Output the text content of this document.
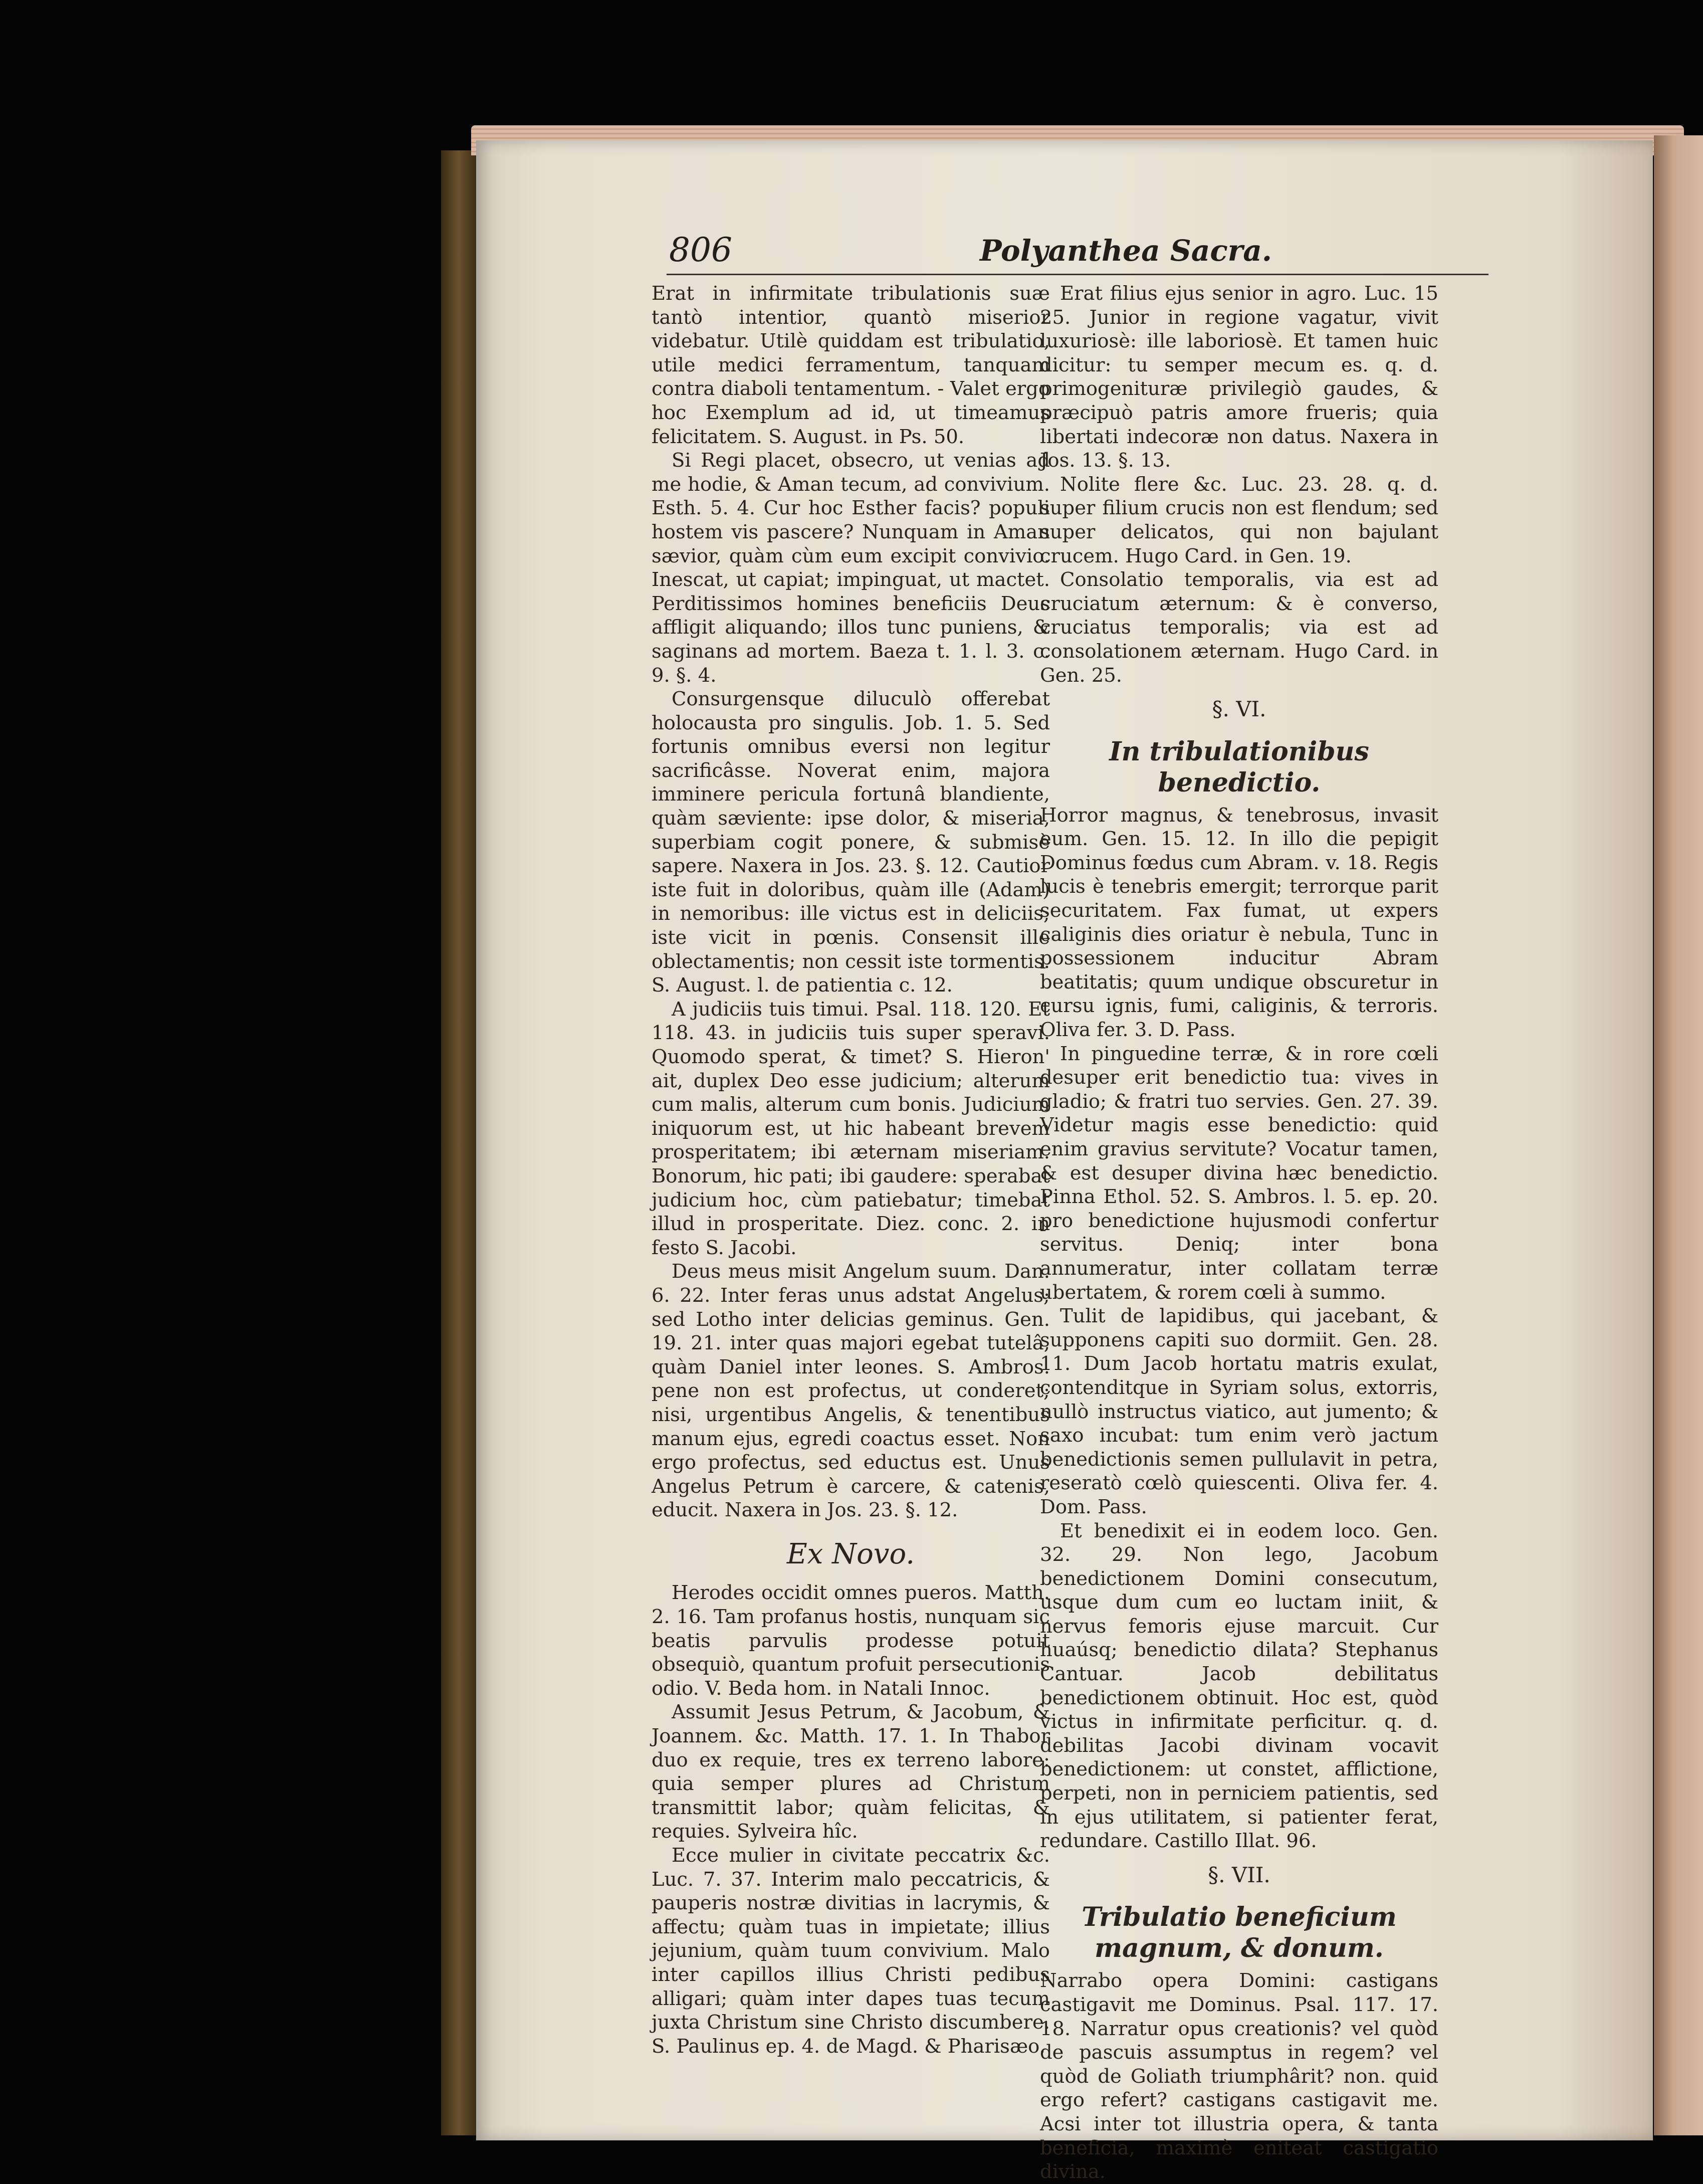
806	Polyanthea Sacra.

Erat in infirmitate tribulationis suæ tantò intentior, quantò miserior videbatur. Utilè quiddam est tribulatio, utile medici ferramentum, tanquam contra diaboli tentamentum. - Valet ergo hoc Exemplum ad id, ut timeamus felicitatem. S. August. in Ps. 50.

Si Regi placet, obsecro, ut venias ad me hodie, & Aman tecum, ad convivium. Esth. 5. 4. Cur hoc Esther facis? populi hostem vis pascere? Nunquam in Aman sævior, quàm cùm eum excipit convivio. Inescat, ut capiat; impinguat, ut mactet. Perditissimos homines beneficiis Deus affligit aliquando; illos tunc puniens, & saginans ad mortem. Baeza t. 1. l. 3. c. 9. §. 4.

Consurgensque diluculò offerebat holocausta pro singulis. Job. 1. 5. Sed fortunis omnibus eversi non legitur sacrificâsse. Noverat enim, majora imminere pericula fortunâ blandiente, quàm sæviente: ipse dolor, & miseria, superbiam cogit ponere, & submisè sapere. Naxera in Jos. 23. §. 12. Cautior iste fuit in doloribus, quàm ille (Adam) in nemoribus: ille victus est in deliciis; iste vicit in pœnis. Consensit ille oblectamentis; non cessit iste tormentis. S. August. l. de patientia c. 12.

A judiciis tuis timui. Psal. 118. 120. Et 118. 43. in judiciis tuis super speravi. Quomodo sperat, & timet? S. Hieron' ait, duplex Deo esse judicium; alterum cum malis, alterum cum bonis. Judicium iniquorum est, ut hic habeant brevem prosperitatem; ibi æternam miseriam. Bonorum, hic pati; ibi gaudere: sperabat judicium hoc, cùm patiebatur; timebat illud in prosperitate. Diez. conc. 2. in festo S. Jacobi.

Deus meus misit Angelum suum. Dan. 6. 22. Inter feras unus adstat Angelus; sed Lotho inter delicias geminus. Gen. 19. 21. inter quas majori egebat tutelâ, quàm Daniel inter leones. S. Ambros. pene non est profectus, ut conderet; nisi, urgentibus Angelis, & tenentibus manum ejus, egredi coactus esset. Non ergo profectus, sed eductus est. Unus Angelus Petrum è carcere, & catenis, educit. Naxera in Jos. 23. §. 12.

Ex Novo.

Herodes occidit omnes pueros. Matth. 2. 16. Tam profanus hostis, nunquam sic beatis parvulis prodesse potuit obsequiò, quantum profuit persecutionis odio. V. Beda hom. in Natali Innoc.

Assumit Jesus Petrum, & Jacobum, & Joannem. &c. Matth. 17. 1. In Thabor duo ex requie, tres ex terreno labore: quia semper plures ad Christum transmittit labor; quàm felicitas, & requies. Sylveira hîc.

Ecce mulier in civitate peccatrix &c. Luc. 7. 37. Interim malo peccatricis, & pauperis nostræ divitias in lacrymis, & affectu; quàm tuas in impietate; illius jejunium, quàm tuum convivium. Malo inter capillos illius Christi pedibus alligari; quàm inter dapes tuas tecum juxta Christum sine Christo discumbere. S. Paulinus ep. 4. de Magd. & Pharisæo.

Erat filius ejus senior in agro. Luc. 15 25. Junior in regione vagatur, vivit luxuriosè: ille laboriosè. Et tamen huic dicitur: tu semper mecum es. q. d. primogenituræ privilegiò gaudes, & præcipuò patris amore frueris; quia libertati indecoræ non datus. Naxera in Jos. 13. §. 13.

Nolite flere &c. Luc. 23. 28. q. d. super filium crucis non est flendum; sed super delicatos, qui non bajulant crucem. Hugo Card. in Gen. 19.

Consolatio temporalis, via est ad cruciatum æternum: & è converso, cruciatus temporalis; via est ad consolationem æternam. Hugo Card. in Gen. 25.

§. VI.

In tribulationibus benedictio.

Horror magnus, & tenebrosus, invasit eum. Gen. 15. 12. In illo die pepigit Dominus fœdus cum Abram. v. 18. Regis lucis è tenebris emergit; terrorque parit securitatem. Fax fumat, ut expers caliginis dies oriatur è nebula, Tunc in possessionem inducitur Abram beatitatis; quum undique obscuretur in cursu ignis, fumi, caliginis, & terroris. Oliva fer. 3. D. Pass.

In pinguedine terræ, & in rore cœli desuper erit benedictio tua: vives in gladio; & fratri tuo servies. Gen. 27. 39. Videtur magis esse benedictio: quid enim gravius servitute? Vocatur tamen, & est desuper divina hæc benedictio. Pinna Ethol. 52. S. Ambros. l. 5. ep. 20. pro benedictione hujusmodi confertur servitus. Deniq; inter bona annumeratur, inter collatam terræ ubertatem, & rorem cœli à summo.

Tulit de lapidibus, qui jacebant, & supponens capiti suo dormiit. Gen. 28. 11. Dum Jacob hortatu matris exulat, contenditque in Syriam solus, extorris, nullò instructus viatico, aut jumento; & saxo incubat: tum enim verò jactum benedictionis semen pullulavit in petra, reseratò cœlò quiescenti. Oliva fer. 4. Dom. Pass.

Et benedixit ei in eodem loco. Gen. 32. 29. Non lego, Jacobum benedictionem Domini consecutum, usque dum cum eo luctam iniit, & nervus femoris ejuse marcuit. Cur huaúsq; benedictio dilata? Stephanus Cantuar. Jacob debilitatus benedictionem obtinuit. Hoc est, quòd victus in infirmitate perficitur. q. d. debilitas Jacobi divinam vocavit benedictionem: ut constet, afflictione, perpeti, non in perniciem patientis, sed in ejus utilitatem, si patienter ferat, redundare. Castillo Illat. 96.

§. VII.

Tribulatio beneficium magnum, & donum.

Narrabo opera Domini: castigans castigavit me Dominus. Psal. 117. 17. 18. Narratur opus creationis? vel quòd de pascuis assumptus in regem? vel quòd de Goliath triumphârit? non. quid ergo refert? castigans castigavit me. Acsi inter tot illustria opera, & tanta beneficia, maximè eniteat castigatio divina.
